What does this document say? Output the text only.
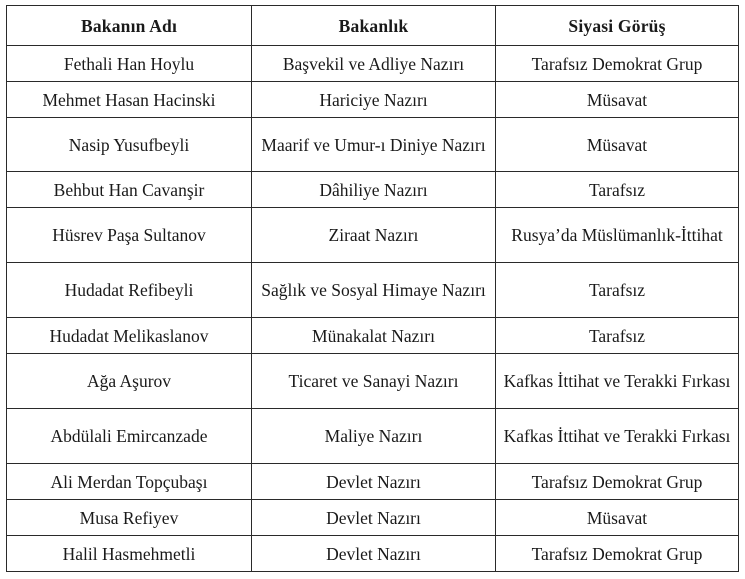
Bakanın Adı	Bakanlık	Siyasi Görüş
Fethali Han Hoylu	Başvekil ve Adliye Nazırı	Tarafsız Demokrat Grup
Mehmet Hasan Hacinski	Hariciye Nazırı	Müsavat
Nasip Yusufbeyli	Maarif ve Umur-ı Diniye Nazırı	Müsavat
Behbut Han Cavanşir	Dâhiliye Nazırı	Tarafsız
Hüsrev Paşa Sultanov	Ziraat Nazırı	Rusya’da Müslümanlık-İttihat
Hudadat Refibeyli	Sağlık ve Sosyal Himaye Nazırı	Tarafsız
Hudadat Melikaslanov	Münakalat Nazırı	Tarafsız
Ağa Aşurov	Ticaret ve Sanayi Nazırı	Kafkas İttihat ve Terakki Fırkası
Abdülali Emircanzade	Maliye Nazırı	Kafkas İttihat ve Terakki Fırkası
Ali Merdan Topçubaşı	Devlet Nazırı	Tarafsız Demokrat Grup
Musa Refiyev	Devlet Nazırı	Müsavat
Halil Hasmehmetli	Devlet Nazırı	Tarafsız Demokrat Grup
